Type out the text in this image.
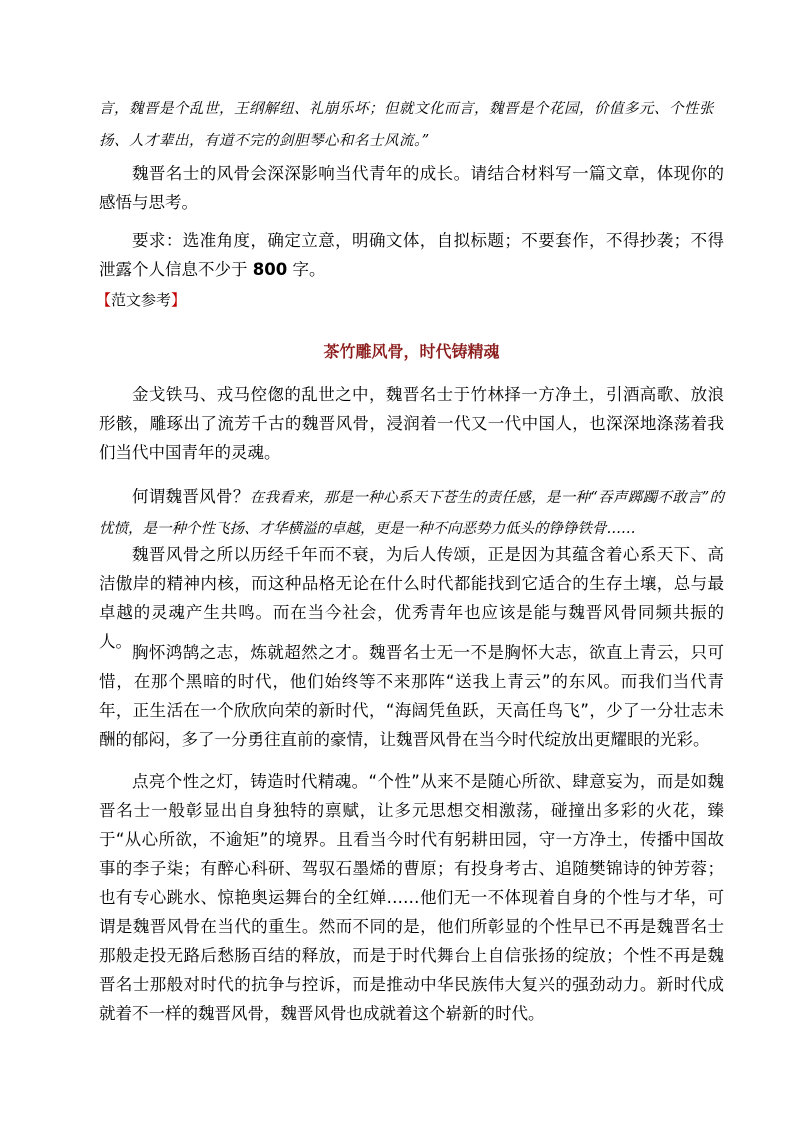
言，魏晋是个乱世，王纲解纽、礼崩乐坏；但就文化而言，魏晋是个花园，价值多元、个性张

扬、人才辈出，有道不完的剑胆琴心和名士风流。”

魏晋名士的风骨会深深影响当代青年的成长。请结合材料写一篇文章，体现你的感悟与思考。

要求：选准角度，确定立意，明确文体，自拟标题；不要套作，不得抄袭；不得泄露个人信息不少于 800 字。

【范文参考】

茶竹雕风骨，时代铸精魂

金戈铁马、戎马倥偬的乱世之中，魏晋名士于竹林择一方净土，引酒高歌、放浪形骸，雕琢出了流芳千古的魏晋风骨，浸润着一代又一代中国人，也深深地涤荡着我们当代中国青年的灵魂。

何谓魏晋风骨？在我看来，那是一种心系天下苍生的责任感，是一种“吞声踯躅不敢言”的忧愤，是一种个性飞扬、才华横溢的卓越，更是一种不向恶势力低头的铮铮铁骨……

魏晋风骨之所以历经千年而不衰，为后人传颂，正是因为其蕴含着心系天下、高洁傲岸的精神内核，而这种品格无论在什么时代都能找到它适合的生存土壤，总与最卓越的灵魂产生共鸣。而在当今社会，优秀青年也应该是能与魏晋风骨同频共振的人。

胸怀鸿鹄之志，炼就超然之才。魏晋名士无一不是胸怀大志，欲直上青云，只可惜，在那个黑暗的时代，他们始终等不来那阵“送我上青云”的东风。而我们当代青年，正生活在一个欣欣向荣的新时代，“海阔凭鱼跃，天高任鸟飞”，少了一分壮志未酬的郁闷，多了一分勇往直前的豪情，让魏晋风骨在当今时代绽放出更耀眼的光彩。

点亮个性之灯，铸造时代精魂。“个性”从来不是随心所欲、肆意妄为，而是如魏晋名士一般彰显出自身独特的禀赋，让多元思想交相激荡，碰撞出多彩的火花，臻于“从心所欲，不逾矩”的境界。且看当今时代有躬耕田园，守一方净土，传播中国故事的李子柒；有醉心科研、驾驭石墨烯的曹原；有投身考古、追随樊锦诗的钟芳蓉；也有专心跳水、惊艳奥运舞台的全红婵……他们无一不体现着自身的个性与才华，可谓是魏晋风骨在当代的重生。然而不同的是，他们所彰显的个性早已不再是魏晋名士那般走投无路后愁肠百结的释放，而是于时代舞台上自信张扬的绽放；个性不再是魏晋名士那般对时代的抗争与控诉，而是推动中华民族伟大复兴的强劲动力。新时代成就着不一样的魏晋风骨，魏晋风骨也成就着这个崭新的时代。
